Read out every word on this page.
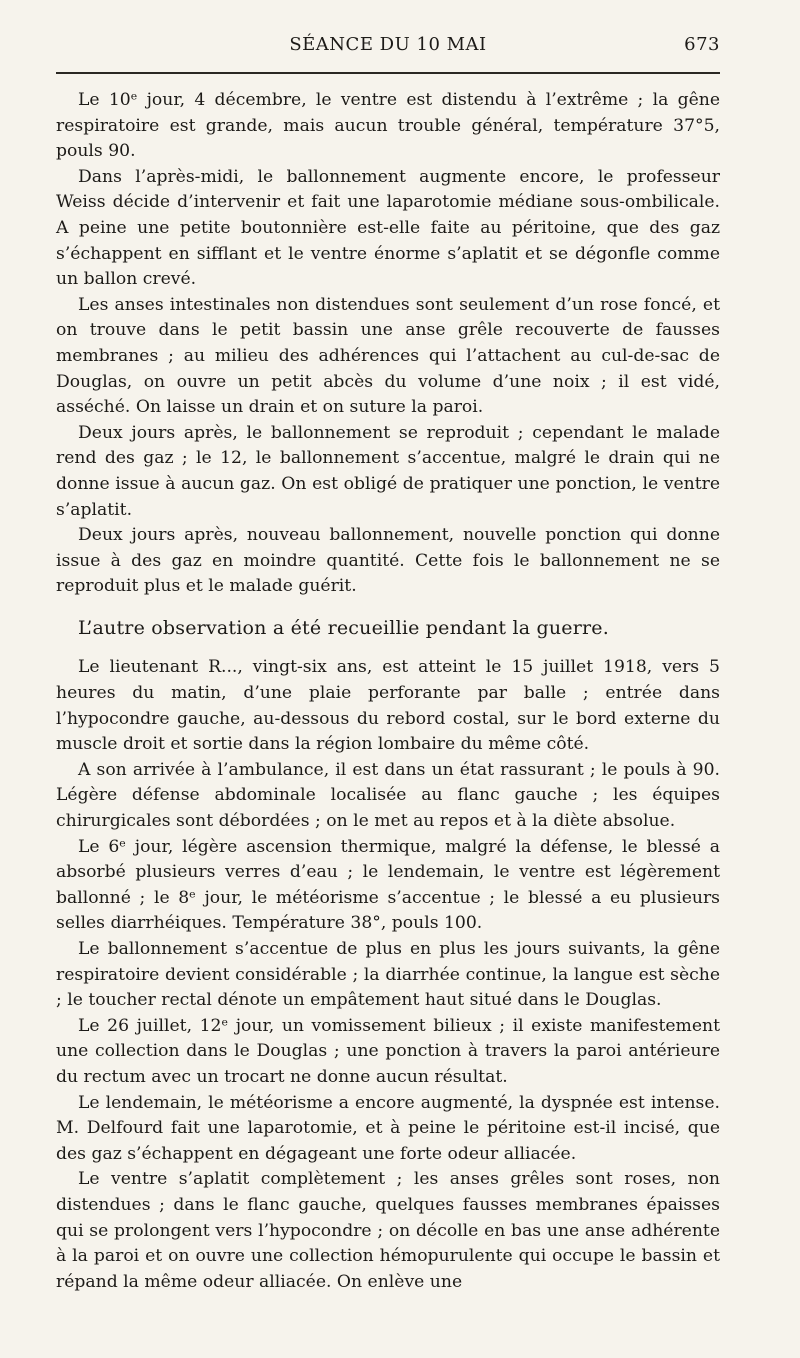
SÉANCE DU 10 MAI	673

Le 10ᵉ jour, 4 décembre, le ventre est distendu à l’extrême ; la gêne respiratoire est grande, mais aucun trouble général, température 37°5, pouls 90.

Dans l’après-midi, le ballonnement augmente encore, le professeur Weiss décide d’intervenir et fait une laparotomie médiane sous-ombilicale. A peine une petite boutonnière est-elle faite au péritoine, que des gaz s’échappent en sifflant et le ventre énorme s’aplatit et se dégonfle comme un ballon crevé.

Les anses intestinales non distendues sont seulement d’un rose foncé, et on trouve dans le petit bassin une anse grêle recouverte de fausses membranes ; au milieu des adhérences qui l’attachent au cul-de-sac de Douglas, on ouvre un petit abcès du volume d’une noix ; il est vidé, asséché. On laisse un drain et on suture la paroi.

Deux jours après, le ballonnement se reproduit ; cependant le malade rend des gaz ; le 12, le ballonnement s’accentue, malgré le drain qui ne donne issue à aucun gaz. On est obligé de pratiquer une ponction, le ventre s’aplatit.

Deux jours après, nouveau ballonnement, nouvelle ponction qui donne issue à des gaz en moindre quantité. Cette fois le ballonnement ne se reproduit plus et le malade guérit.

L’autre observation a été recueillie pendant la guerre.

Le lieutenant R..., vingt-six ans, est atteint le 15 juillet 1918, vers 5 heures du matin, d’une plaie perforante par balle ; entrée dans l’hypocondre gauche, au-dessous du rebord costal, sur le bord externe du muscle droit et sortie dans la région lombaire du même côté.

A son arrivée à l’ambulance, il est dans un état rassurant ; le pouls à 90. Légère défense abdominale localisée au flanc gauche ; les équipes chirurgicales sont débordées ; on le met au repos et à la diète absolue.

Le 6ᵉ jour, légère ascension thermique, malgré la défense, le blessé a absorbé plusieurs verres d’eau ; le lendemain, le ventre est légèrement ballonné ; le 8ᵉ jour, le météorisme s’accentue ; le blessé a eu plusieurs selles diarrhéiques. Température 38°, pouls 100.

Le ballonnement s’accentue de plus en plus les jours suivants, la gêne respiratoire devient considérable ; la diarrhée continue, la langue est sèche ; le toucher rectal dénote un empâtement haut situé dans le Douglas.

Le 26 juillet, 12ᵉ jour, un vomissement bilieux ; il existe manifestement une collection dans le Douglas ; une ponction à travers la paroi antérieure du rectum avec un trocart ne donne aucun résultat.

Le lendemain, le météorisme a encore augmenté, la dyspnée est intense. M. Delfourd fait une laparotomie, et à peine le péritoine est-il incisé, que des gaz s’échappent en dégageant une forte odeur alliacée.

Le ventre s’aplatit complètement ; les anses grêles sont roses, non distendues ; dans le flanc gauche, quelques fausses membranes épaisses qui se prolongent vers l’hypocondre ; on décolle en bas une anse adhérente à la paroi et on ouvre une collection hémopurulente qui occupe le bassin et répand la même odeur alliacée. On enlève une
